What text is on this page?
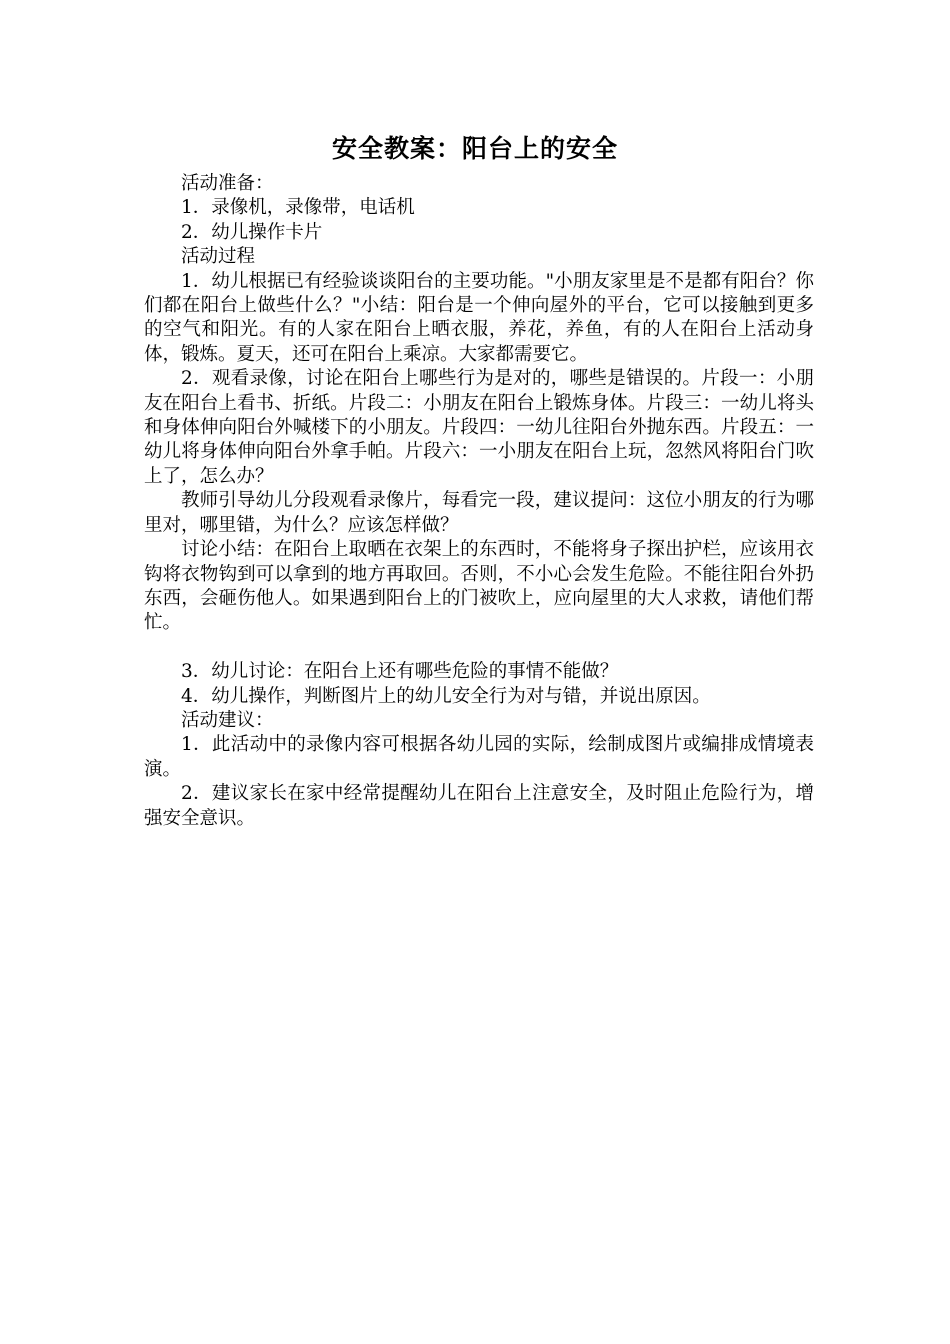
安全教案：阳台上的安全

活动准备：

1．录像机，录像带，电话机

2．幼儿操作卡片

活动过程

1．幼儿根据已有经验谈谈阳台的主要功能。"小朋友家里是不是都有阳台？你们都在阳台上做些什么？"小结：阳台是一个伸向屋外的平台，它可以接触到更多的空气和阳光。有的人家在阳台上晒衣服，养花，养鱼，有的人在阳台上活动身体，锻炼。夏天，还可在阳台上乘凉。大家都需要它。

2．观看录像，讨论在阳台上哪些行为是对的，哪些是错误的。片段一：小朋友在阳台上看书、折纸。片段二：小朋友在阳台上锻炼身体。片段三：一幼儿将头和身体伸向阳台外喊楼下的小朋友。片段四：一幼儿往阳台外抛东西。片段五：一幼儿将身体伸向阳台外拿手帕。片段六：一小朋友在阳台上玩，忽然风将阳台门吹上了，怎么办？

教师引导幼儿分段观看录像片，每看完一段，建议提问：这位小朋友的行为哪里对，哪里错，为什么？应该怎样做？

讨论小结：在阳台上取晒在衣架上的东西时，不能将身子探出护栏，应该用衣钩将衣物钩到可以拿到的地方再取回。否则，不小心会发生危险。不能往阳台外扔东西，会砸伤他人。如果遇到阳台上的门被吹上，应向屋里的大人求救，请他们帮忙。

3．幼儿讨论：在阳台上还有哪些危险的事情不能做？

4．幼儿操作，判断图片上的幼儿安全行为对与错，并说出原因。

活动建议：

1．此活动中的录像内容可根据各幼儿园的实际，绘制成图片或编排成情境表演。

2．建议家长在家中经常提醒幼儿在阳台上注意安全，及时阻止危险行为，增强安全意识。
